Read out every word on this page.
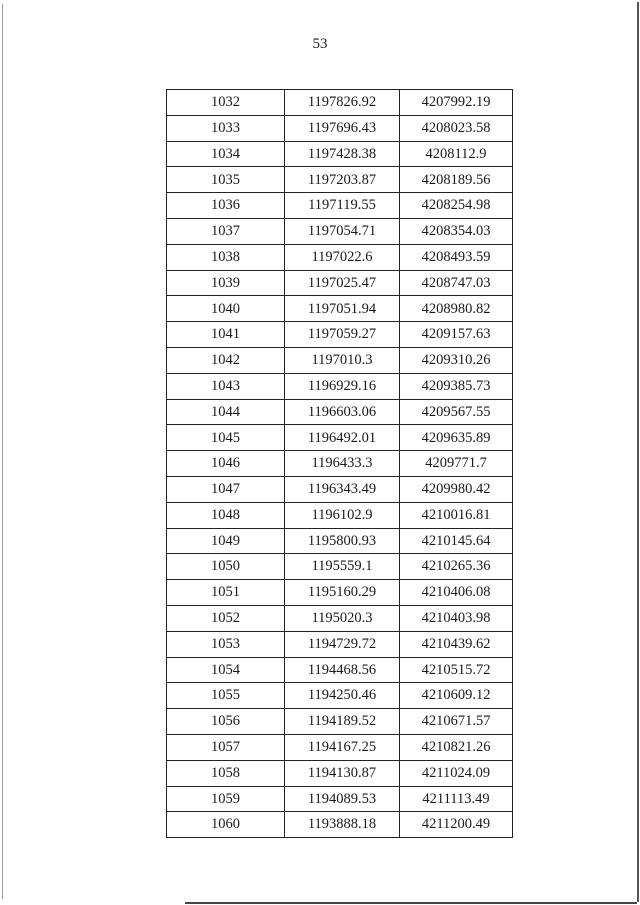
53
1032	1197826.92	4207992.19
1033	1197696.43	4208023.58
1034	1197428.38	4208112.9
1035	1197203.87	4208189.56
1036	1197119.55	4208254.98
1037	1197054.71	4208354.03
1038	1197022.6	4208493.59
1039	1197025.47	4208747.03
1040	1197051.94	4208980.82
1041	1197059.27	4209157.63
1042	1197010.3	4209310.26
1043	1196929.16	4209385.73
1044	1196603.06	4209567.55
1045	1196492.01	4209635.89
1046	1196433.3	4209771.7
1047	1196343.49	4209980.42
1048	1196102.9	4210016.81
1049	1195800.93	4210145.64
1050	1195559.1	4210265.36
1051	1195160.29	4210406.08
1052	1195020.3	4210403.98
1053	1194729.72	4210439.62
1054	1194468.56	4210515.72
1055	1194250.46	4210609.12
1056	1194189.52	4210671.57
1057	1194167.25	4210821.26
1058	1194130.87	4211024.09
1059	1194089.53	4211113.49
1060	1193888.18	4211200.49
